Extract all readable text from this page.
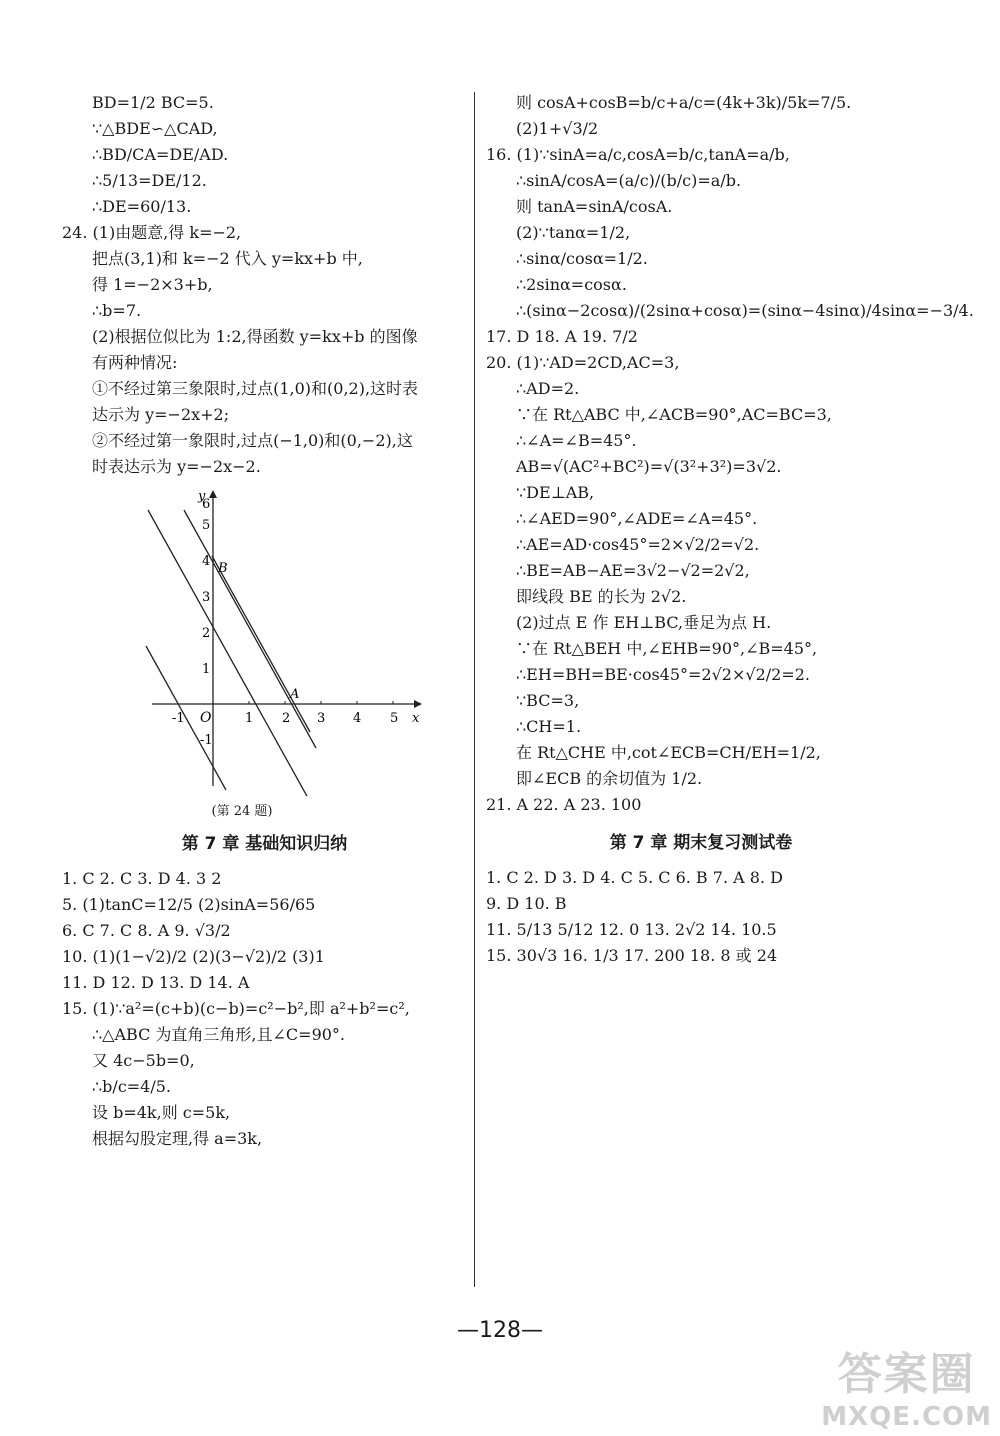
BD=1/2 BC=5.
∵△BDE∽△CAD,
∴BD/CA=DE/AD.
∴5/13=DE/12.
∴DE=60/13.
24. (1)由题意,得 k=−2,
把点(3,1)和 k=−2 代入 y=kx+b 中,
得 1=−2×3+b,
∴b=7.
(2)根据位似比为 1:2,得函数 y=kx+b 的图像
有两种情况:
①不经过第三象限时,过点(1,0)和(0,2),这时表
达示为 y=−2x+2;
②不经过第一象限时,过点(−1,0)和(0,−2),这
时表达示为 y=−2x−2.
x
y
O
-1	1 2 3 4 5
-1
1
2
3
4
5
6
B
A
(第 24 题)
第 7 章 基础知识归纳
1. C 2. C 3. D 4. 3 2
5. (1)tanC=12/5 (2)sinA=56/65
6. C 7. C 8. A 9. √3/2
10. (1)(1−√2)/2 (2)(3−√2)/2 (3)1
11. D 12. D 13. D 14. A
15. (1)∵a²=(c+b)(c−b)=c²−b²,即 a²+b²=c²,
∴△ABC 为直角三角形,且∠C=90°.
又 4c−5b=0,
∴b/c=4/5.
设 b=4k,则 c=5k,
根据勾股定理,得 a=3k,
则 cosA+cosB=b/c+a/c=(4k+3k)/5k=7/5.
(2)1+√3/2
16. (1)∵sinA=a/c,cosA=b/c,tanA=a/b,
∴sinA/cosA=(a/c)/(b/c)=a/b.
则 tanA=sinA/cosA.
(2)∵tanα=1/2,
∴sinα/cosα=1/2.
∴2sinα=cosα.
∴(sinα−2cosα)/(2sinα+cosα)=(sinα−4sinα)/4sinα=−3/4.
17. D 18. A 19. 7/2
20. (1)∵AD=2CD,AC=3,
∴AD=2.
∵在 Rt△ABC 中,∠ACB=90°,AC=BC=3,
∴∠A=∠B=45°.
AB=√(AC²+BC²)=√(3²+3²)=3√2.
∵DE⊥AB,
∴∠AED=90°,∠ADE=∠A=45°.
∴AE=AD·cos45°=2×√2/2=√2.
∴BE=AB−AE=3√2−√2=2√2,
即线段 BE 的长为 2√2.
(2)过点 E 作 EH⊥BC,垂足为点 H.
∵在 Rt△BEH 中,∠EHB=90°,∠B=45°,
∴EH=BH=BE·cos45°=2√2×√2/2=2.
∵BC=3,
∴CH=1.
在 Rt△CHE 中,cot∠ECB=CH/EH=1/2,
即∠ECB 的余切值为 1/2.
21. A 22. A 23. 100
第 7 章 期末复习测试卷
1. C 2. D 3. D 4. C 5. C 6. B 7. A 8. D
9. D 10. B
11. 5/13 5/12 12. 0 13. 2√2 14. 10.5
15. 30√3 16. 1/3 17. 200 18. 8 或 24
—128—
答案圈
MXQE.COM
